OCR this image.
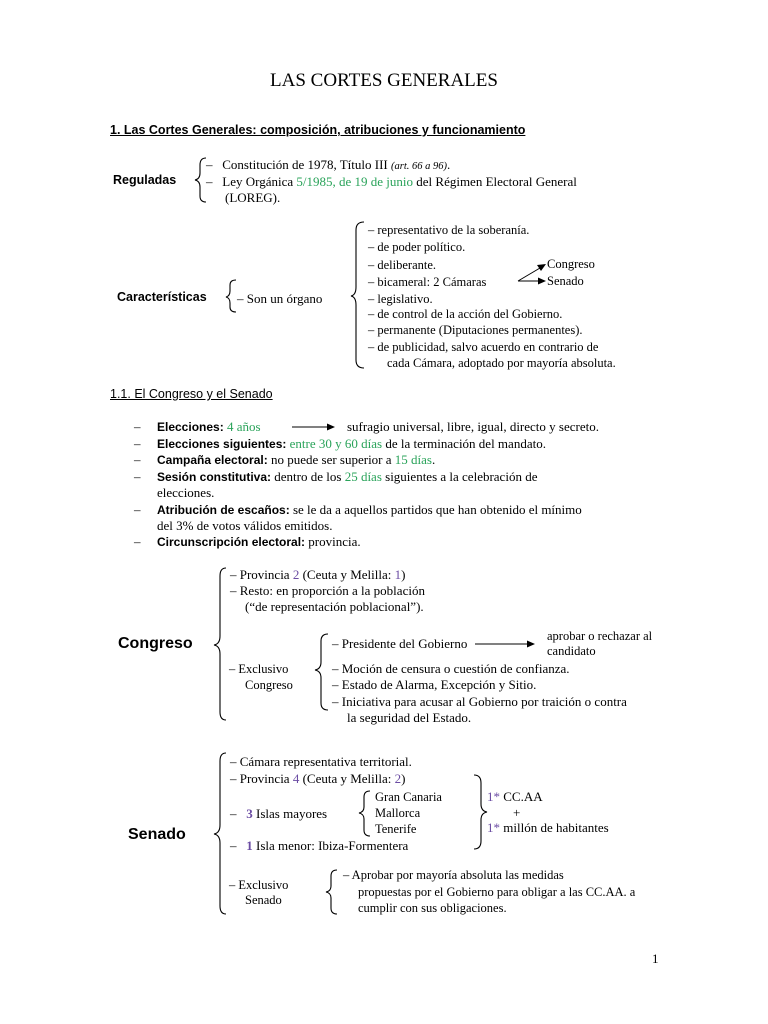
LAS CORTES GENERALES
1. Las Cortes Generales: composición, atribuciones y funcionamiento
Reguladas
– Constitución de 1978, Título III (art. 66 a 96).
– Ley Orgánica 5/1985, de 19 de junio del Régimen Electoral General
(LOREG).
Características – Son un órgano
– representativo de la soberanía.
– de poder político.
– deliberante.
– bicameral: 2 Cámaras
– legislativo.
– de control de la acción del Gobierno.
– permanente (Diputaciones permanentes).
– de publicidad, salvo acuerdo en contrario de
cada Cámara, adoptado por mayoría absoluta.
Congreso
Senado
1.1. El Congreso y el Senado
– Elecciones: 4 años	sufragio universal, libre, igual, directo y secreto.
– Elecciones siguientes: entre 30 y 60 días de la terminación del mandato.
– Campaña electoral: no puede ser superior a 15 días.
– Sesión constitutiva: dentro de los 25 días siguientes a la celebración de
elecciones.
– Atribución de escaños: se le da a aquellos partidos que han obtenido el mínimo
del 3% de votos válidos emitidos.
– Circunscripción electoral: provincia.
Congreso
– Provincia 2 (Ceuta y Melilla: 1)
– Resto: en proporción a la población
(“de representación poblacional”).
– Exclusivo
Congreso
– Presidente del Gobierno	aprobar o rechazar al
candidato
– Moción de censura o cuestión de confianza.
– Estado de Alarma, Excepción y Sitio.
– Iniciativa para acusar al Gobierno por traición o contra
la seguridad del Estado.
Senado
– Cámara representativa territorial.
– Provincia 4 (Ceuta y Melilla: 2)
– 3 Islas mayores
Gran Canaria
Mallorca
Tenerife
– 1 Isla menor: Ibiza-Formentera
1* CC.AA
+
1* millón de habitantes
– Exclusivo
Senado
– Aprobar por mayoría absoluta las medidas
propuestas por el Gobierno para obligar a las CC.AA. a
cumplir con sus obligaciones.
1
